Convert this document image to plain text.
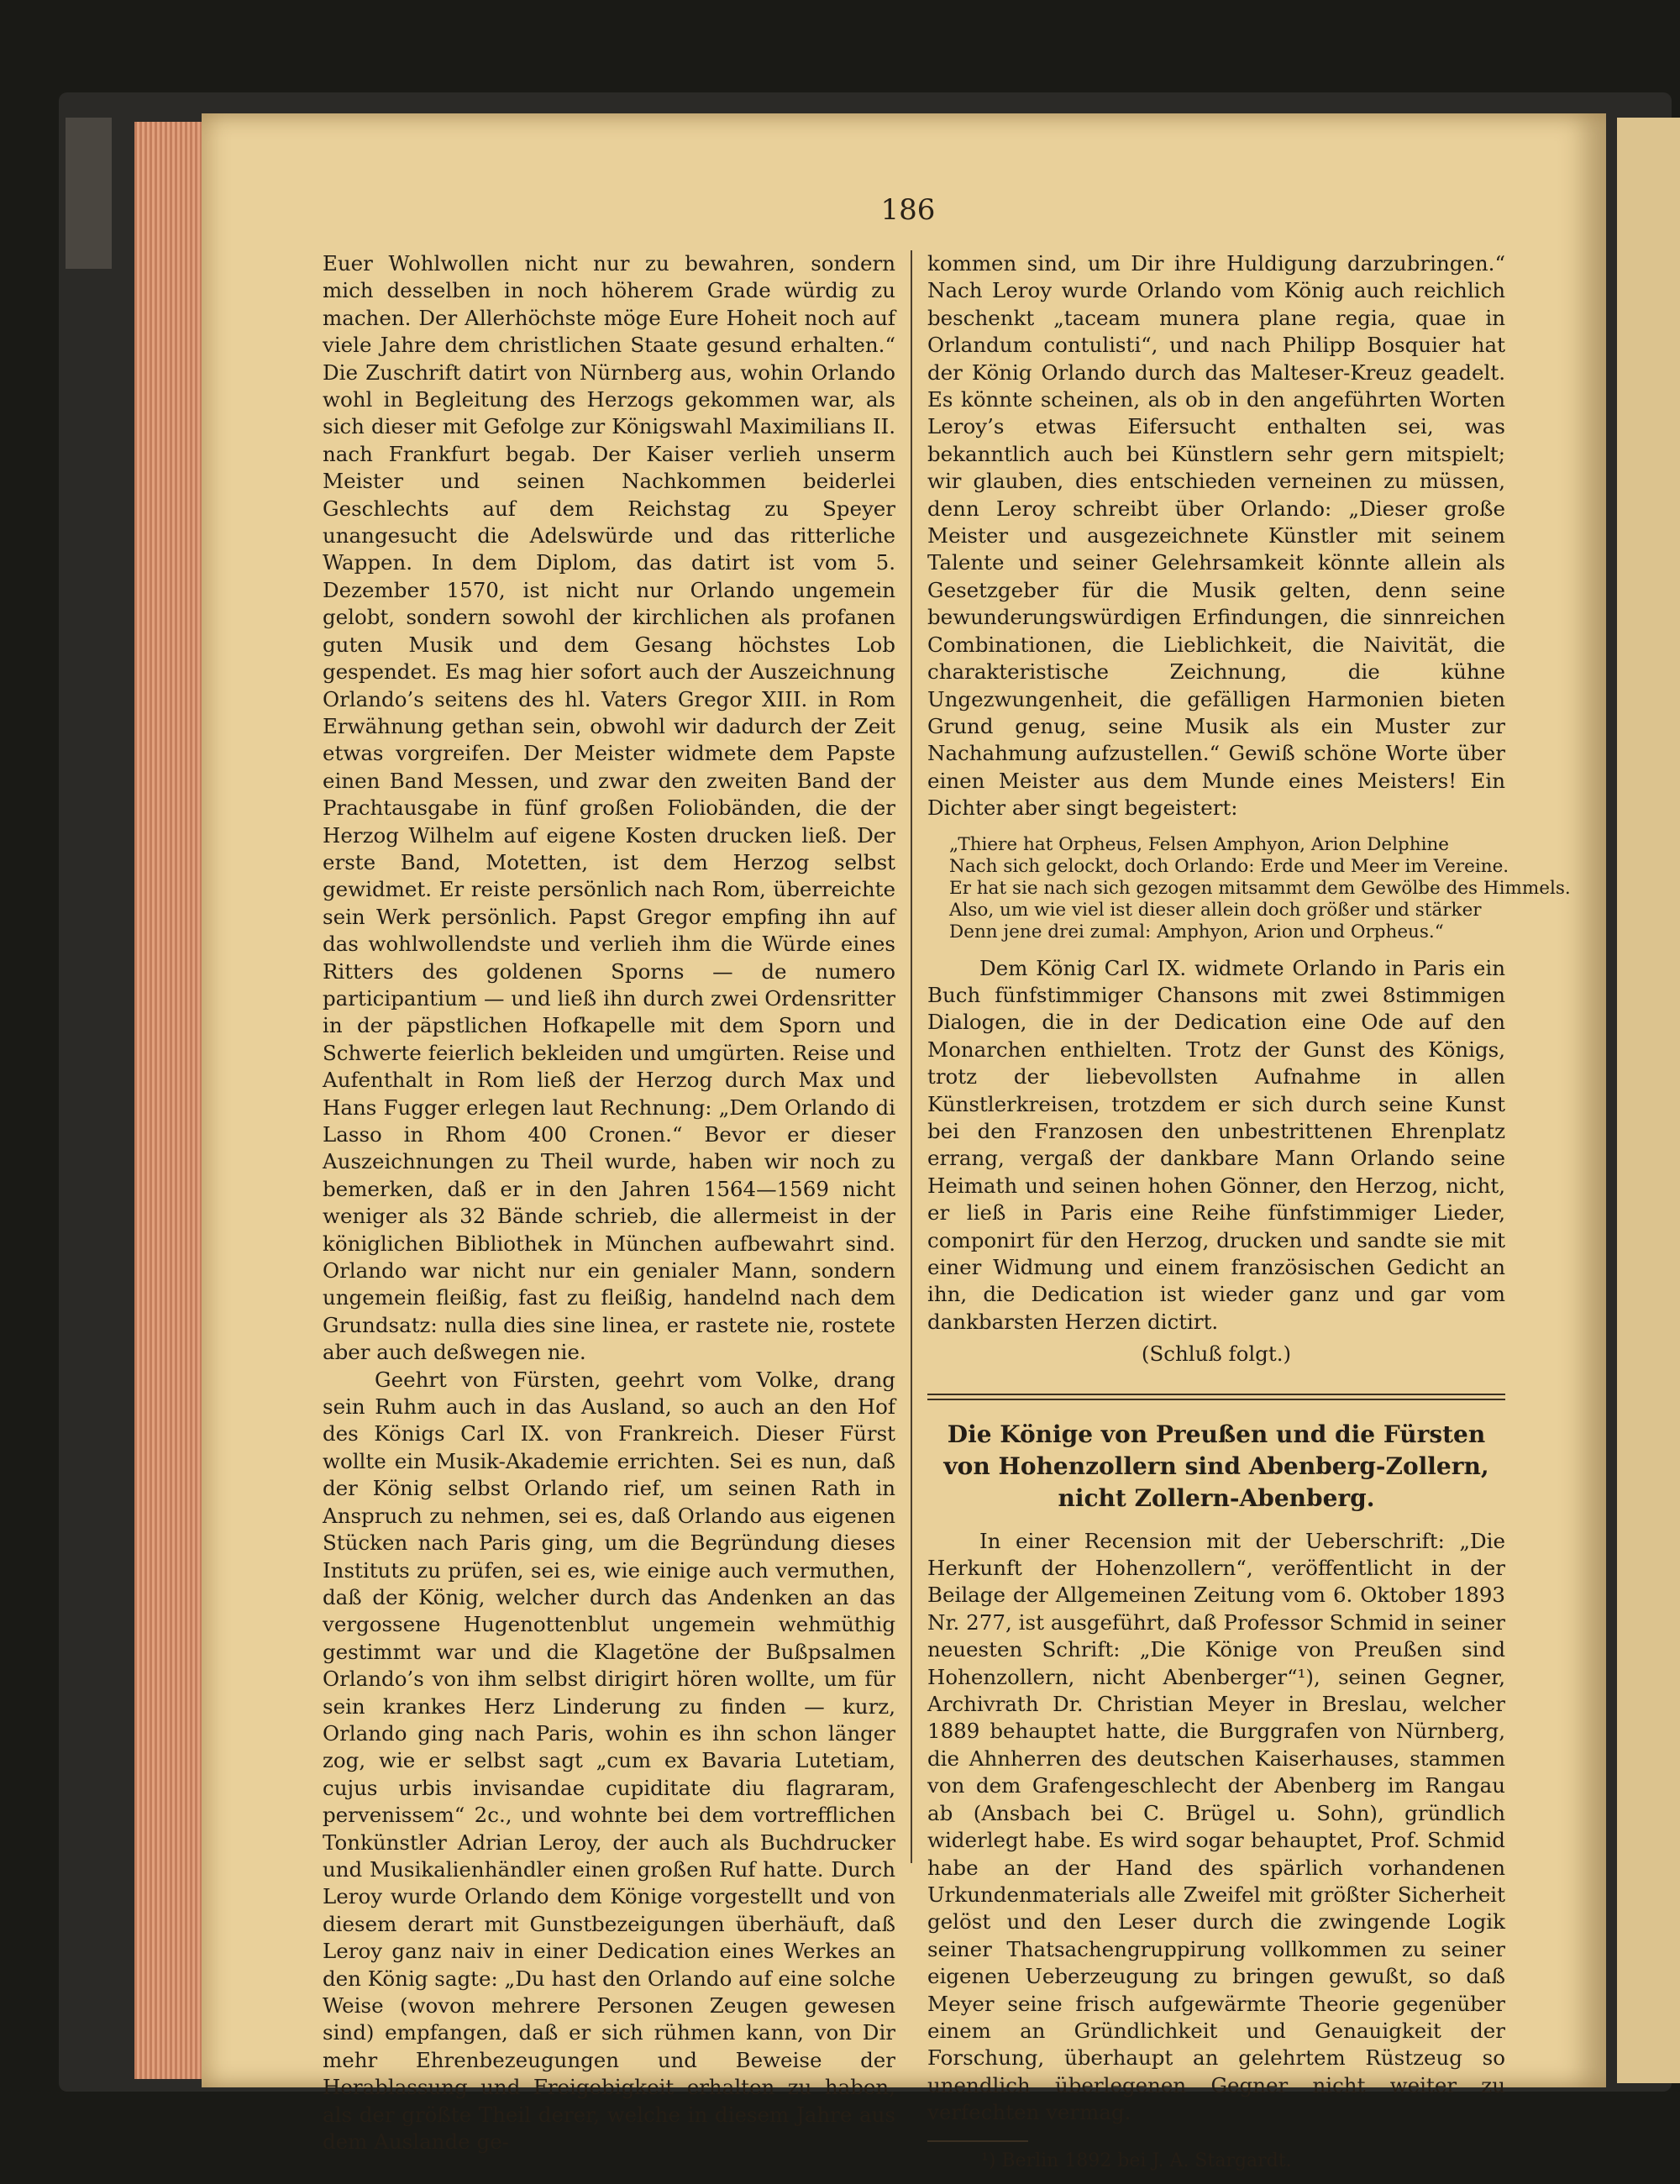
186

Euer Wohlwollen nicht nur zu bewahren, sondern mich desselben in noch höherem Grade würdig zu machen. Der Allerhöchste möge Eure Hoheit noch auf viele Jahre dem christlichen Staate gesund erhalten.“ Die Zuschrift datirt von Nürnberg aus, wohin Orlando wohl in Begleitung des Herzogs gekommen war, als sich dieser mit Gefolge zur Königswahl Maximilians II. nach Frankfurt begab. Der Kaiser verlieh unserm Meister und seinen Nachkommen beiderlei Geschlechts auf dem Reichstag zu Speyer unangesucht die Adelswürde und das ritterliche Wappen. In dem Diplom, das datirt ist vom 5. Dezember 1570, ist nicht nur Orlando ungemein gelobt, sondern sowohl der kirchlichen als profanen guten Musik und dem Gesang höchstes Lob gespendet. Es mag hier sofort auch der Auszeichnung Orlando’s seitens des hl. Vaters Gregor XIII. in Rom Erwähnung gethan sein, obwohl wir dadurch der Zeit etwas vorgreifen. Der Meister widmete dem Papste einen Band Messen, und zwar den zweiten Band der Prachtausgabe in fünf großen Foliobänden, die der Herzog Wilhelm auf eigene Kosten drucken ließ. Der erste Band, Motetten, ist dem Herzog selbst gewidmet. Er reiste persönlich nach Rom, überreichte sein Werk persönlich. Papst Gregor empfing ihn auf das wohlwollendste und verlieh ihm die Würde eines Ritters des goldenen Sporns — de numero participantium — und ließ ihn durch zwei Ordensritter in der päpstlichen Hofkapelle mit dem Sporn und Schwerte feierlich bekleiden und umgürten. Reise und Aufenthalt in Rom ließ der Herzog durch Max und Hans Fugger erlegen laut Rechnung: „Dem Orlando di Lasso in Rhom 400 Cronen.“ Bevor er dieser Auszeichnungen zu Theil wurde, haben wir noch zu bemerken, daß er in den Jahren 1564—1569 nicht weniger als 32 Bände schrieb, die allermeist in der königlichen Bibliothek in München aufbewahrt sind. Orlando war nicht nur ein genialer Mann, sondern ungemein fleißig, fast zu fleißig, handelnd nach dem Grundsatz: nulla dies sine linea, er rastete nie, rostete aber auch deßwegen nie.

Geehrt von Fürsten, geehrt vom Volke, drang sein Ruhm auch in das Ausland, so auch an den Hof des Königs Carl IX. von Frankreich. Dieser Fürst wollte ein Musik-Akademie errichten. Sei es nun, daß der König selbst Orlando rief, um seinen Rath in Anspruch zu nehmen, sei es, daß Orlando aus eigenen Stücken nach Paris ging, um die Begründung dieses Instituts zu prüfen, sei es, wie einige auch vermuthen, daß der König, welcher durch das Andenken an das vergossene Hugenottenblut ungemein wehmüthig gestimmt war und die Klagetöne der Bußpsalmen Orlando’s von ihm selbst dirigirt hören wollte, um für sein krankes Herz Linderung zu finden — kurz, Orlando ging nach Paris, wohin es ihn schon länger zog, wie er selbst sagt „cum ex Bavaria Lutetiam, cujus urbis invisandae cupiditate diu flagraram, pervenissem“ 2c., und wohnte bei dem vortrefflichen Tonkünstler Adrian Leroy, der auch als Buchdrucker und Musikalienhändler einen großen Ruf hatte. Durch Leroy wurde Orlando dem Könige vorgestellt und von diesem derart mit Gunstbezeigungen überhäuft, daß Leroy ganz naiv in einer Dedication eines Werkes an den König sagte: „Du hast den Orlando auf eine solche Weise (wovon mehrere Personen Zeugen gewesen sind) empfangen, daß er sich rühmen kann, von Dir mehr Ehrenbezeugungen und Beweise der Herablassung und Freigebigkeit erhalten zu haben, als der größte Theil derer, welche in diesem Jahre aus dem Auslande ge-

kommen sind, um Dir ihre Huldigung darzubringen.“ Nach Leroy wurde Orlando vom König auch reichlich beschenkt „taceam munera plane regia, quae in Orlandum contulisti“, und nach Philipp Bosquier hat der König Orlando durch das Malteser-Kreuz geadelt. Es könnte scheinen, als ob in den angeführten Worten Leroy’s etwas Eifersucht enthalten sei, was bekanntlich auch bei Künstlern sehr gern mitspielt; wir glauben, dies entschieden verneinen zu müssen, denn Leroy schreibt über Orlando: „Dieser große Meister und ausgezeichnete Künstler mit seinem Talente und seiner Gelehrsamkeit könnte allein als Gesetzgeber für die Musik gelten, denn seine bewunderungswürdigen Erfindungen, die sinnreichen Combinationen, die Lieblichkeit, die Naivität, die charakteristische Zeichnung, die kühne Ungezwungenheit, die gefälligen Harmonien bieten Grund genug, seine Musik als ein Muster zur Nachahmung aufzustellen.“ Gewiß schöne Worte über einen Meister aus dem Munde eines Meisters! Ein Dichter aber singt begeistert:

„Thiere hat Orpheus, Felsen Amphyon, Arion Delphine
Nach sich gelockt, doch Orlando: Erde und Meer im Vereine.
Er hat sie nach sich gezogen mitsammt dem Gewölbe des Himmels.
Also, um wie viel ist dieser allein doch größer und stärker
Denn jene drei zumal: Amphyon, Arion und Orpheus.“

Dem König Carl IX. widmete Orlando in Paris ein Buch fünfstimmiger Chansons mit zwei 8stimmigen Dialogen, die in der Dedication eine Ode auf den Monarchen enthielten. Trotz der Gunst des Königs, trotz der liebevollsten Aufnahme in allen Künstlerkreisen, trotzdem er sich durch seine Kunst bei den Franzosen den unbestrittenen Ehrenplatz errang, vergaß der dankbare Mann Orlando seine Heimath und seinen hohen Gönner, den Herzog, nicht, er ließ in Paris eine Reihe fünfstimmiger Lieder, componirt für den Herzog, drucken und sandte sie mit einer Widmung und einem französischen Gedicht an ihn, die Dedication ist wieder ganz und gar vom dankbarsten Herzen dictirt.

(Schluß folgt.)
Die Könige von Preußen und die Fürsten von Hohenzollern sind Abenberg-Zollern, nicht Zollern-Abenberg.

In einer Recension mit der Ueberschrift: „Die Herkunft der Hohenzollern“, veröffentlicht in der Beilage der Allgemeinen Zeitung vom 6. Oktober 1893 Nr. 277, ist ausgeführt, daß Professor Schmid in seiner neuesten Schrift: „Die Könige von Preußen sind Hohenzollern, nicht Abenberger“¹), seinen Gegner, Archivrath Dr. Christian Meyer in Breslau, welcher 1889 behauptet hatte, die Burggrafen von Nürnberg, die Ahnherren des deutschen Kaiserhauses, stammen von dem Grafengeschlecht der Abenberg im Rangau ab (Ansbach bei C. Brügel u. Sohn), gründlich widerlegt habe. Es wird sogar behauptet, Prof. Schmid habe an der Hand des spärlich vorhandenen Urkundenmaterials alle Zweifel mit größter Sicherheit gelöst und den Leser durch die zwingende Logik seiner Thatsachengruppirung vollkommen zu seiner eigenen Ueberzeugung zu bringen gewußt, so daß Meyer seine frisch aufgewärmte Theorie gegenüber einem an Gründlichkeit und Genauigkeit der Forschung, überhaupt an gelehrtem Rüstzeug so unendlich überlegenen Gegner nicht weiter zu verfechten vermag.

¹) Berlin 1892 bei J. A. Stargardt.
